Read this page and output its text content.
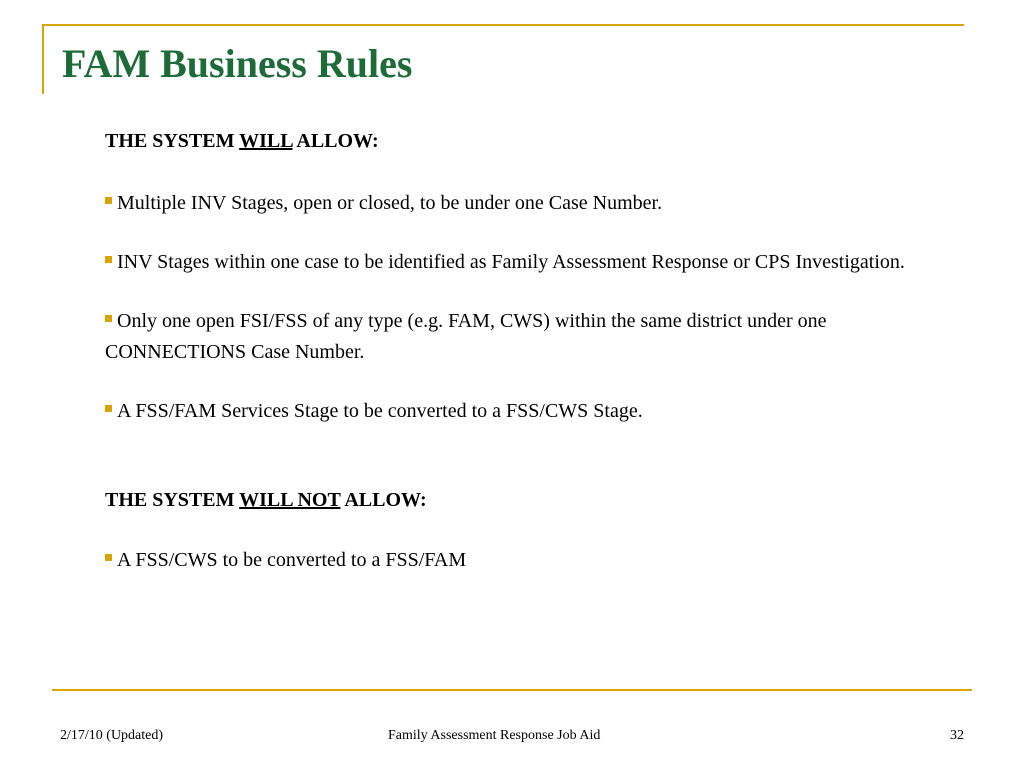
FAM Business Rules

THE SYSTEM WILL ALLOW:

Multiple INV Stages, open or closed, to be under one Case Number.

INV Stages within one case to be identified as Family Assessment Response or CPS Investigation.

Only one open FSI/FSS of any type (e.g. FAM, CWS) within the same district under one CONNECTIONS Case Number.

A FSS/FAM Services Stage to be converted to a FSS/CWS Stage.

THE SYSTEM WILL NOT ALLOW:

A FSS/CWS to be converted to a FSS/FAM

2/17/10 (Updated)	Family Assessment Response Job Aid	32
